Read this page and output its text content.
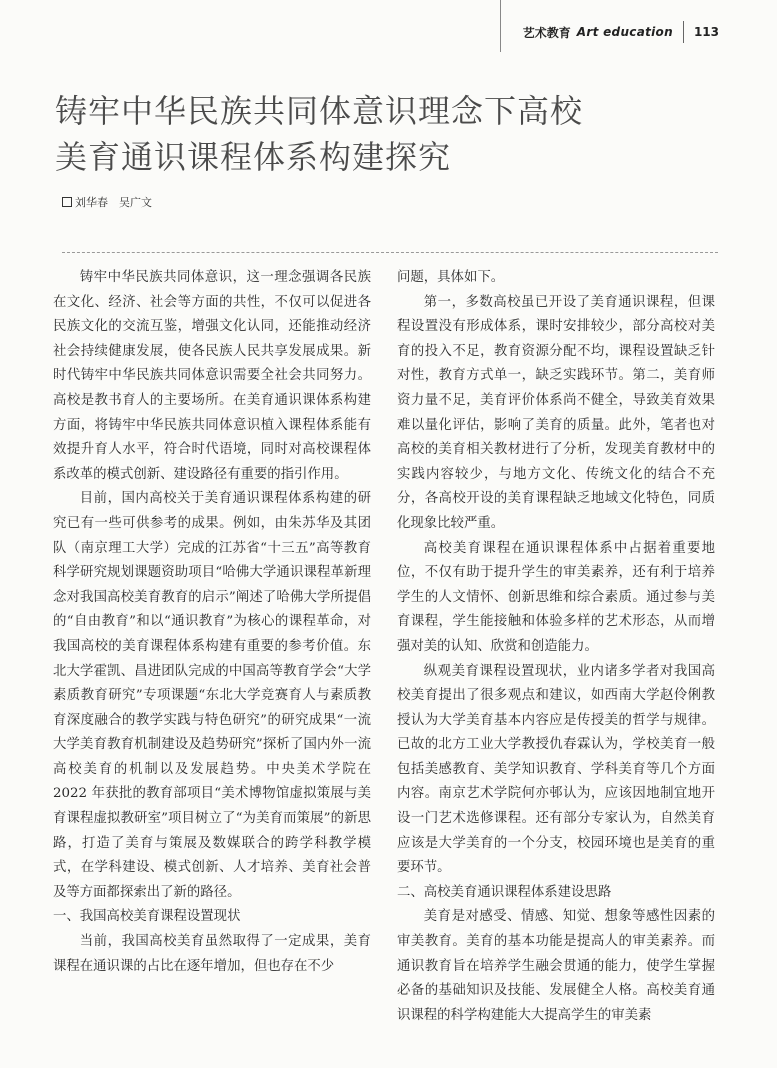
艺术教育 Art education 113
铸牢中华民族共同体意识理念下高校
美育通识课程体系构建探究
刘华春　吴广文

铸牢中华民族共同体意识，这一理念强调各民族在文化、经济、社会等方面的共性，不仅可以促进各民族文化的交流互鉴，增强文化认同，还能推动经济社会持续健康发展，使各民族人民共享发展成果。新时代铸牢中华民族共同体意识需要全社会共同努力。高校是教书育人的主要场所。在美育通识课体系构建方面，将铸牢中华民族共同体意识植入课程体系能有效提升育人水平，符合时代语境，同时对高校课程体系改革的模式创新、建设路径有重要的指引作用。

目前，国内高校关于美育通识课程体系构建的研究已有一些可供参考的成果。例如，由朱苏华及其团队（南京理工大学）完成的江苏省“十三五”高等教育科学研究规划课题资助项目“哈佛大学通识课程革新理念对我国高校美育教育的启示”阐述了哈佛大学所提倡的“自由教育”和以“通识教育”为核心的课程革命，对我国高校的美育课程体系构建有重要的参考价值。东北大学霍凯、昌进团队完成的中国高等教育学会“大学素质教育研究”专项课题“东北大学竞赛育人与素质教育深度融合的教学实践与特色研究”的研究成果“一流大学美育教育机制建设及趋势研究”探析了国内外一流高校美育的机制以及发展趋势。中央美术学院在 2022 年获批的教育部项目“美术博物馆虚拟策展与美育课程虚拟教研室”项目树立了“为美育而策展”的新思路，打造了美育与策展及数媒联合的跨学科教学模式，在学科建设、模式创新、人才培养、美育社会普及等方面都探索出了新的路径。

一、我国高校美育课程设置现状

当前，我国高校美育虽然取得了一定成果，美育课程在通识课的占比在逐年增加，但也存在不少

问题，具体如下。

第一，多数高校虽已开设了美育通识课程，但课程设置没有形成体系，课时安排较少，部分高校对美育的投入不足，教育资源分配不均，课程设置缺乏针对性，教育方式单一，缺乏实践环节。第二，美育师资力量不足，美育评价体系尚不健全，导致美育效果难以量化评估，影响了美育的质量。此外，笔者也对高校的美育相关教材进行了分析，发现美育教材中的实践内容较少，与地方文化、传统文化的结合不充分，各高校开设的美育课程缺乏地域文化特色，同质化现象比较严重。

高校美育课程在通识课程体系中占据着重要地位，不仅有助于提升学生的审美素养，还有利于培养学生的人文情怀、创新思维和综合素质。通过参与美育课程，学生能接触和体验多样的艺术形态，从而增强对美的认知、欣赏和创造能力。

纵观美育课程设置现状，业内诸多学者对我国高校美育提出了很多观点和建议，如西南大学赵伶俐教授认为大学美育基本内容应是传授美的哲学与规律。已故的北方工业大学教授仇春霖认为，学校美育一般包括美感教育、美学知识教育、学科美育等几个方面内容。南京艺术学院何亦邨认为，应该因地制宜地开设一门艺术选修课程。还有部分专家认为，自然美育应该是大学美育的一个分支，校园环境也是美育的重要环节。

二、高校美育通识课程体系建设思路

美育是对感受、情感、知觉、想象等感性因素的审美教育。美育的基本功能是提高人的审美素养。而通识教育旨在培养学生融会贯通的能力，使学生掌握必备的基础知识及技能、发展健全人格。高校美育通识课程的科学构建能大大提高学生的审美素
